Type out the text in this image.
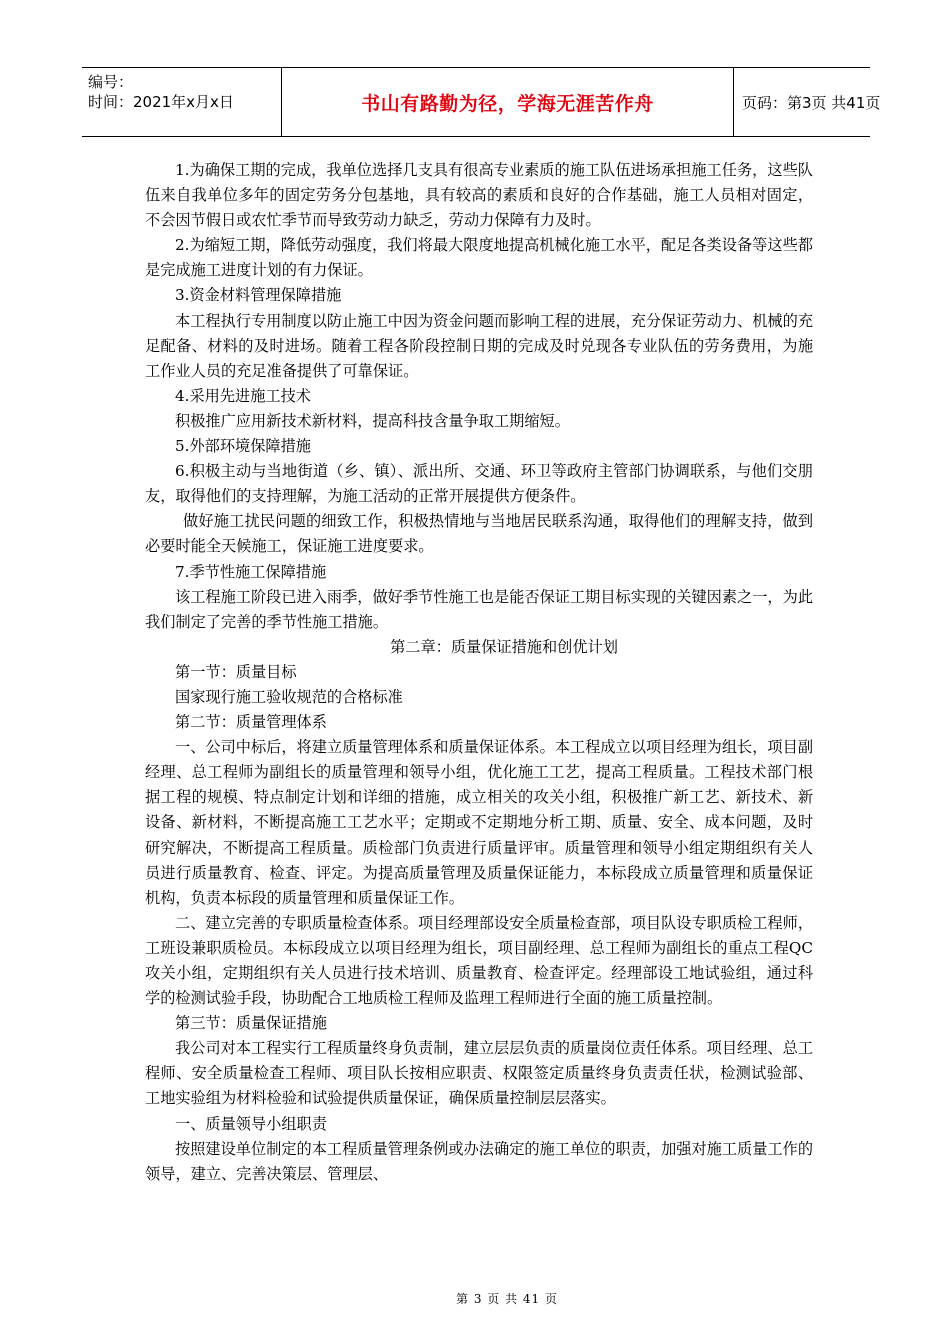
编号：
时间：2021年x月x日	书山有路勤为径，学海无涯苦作舟	页码：第3页 共41页

1.为确保工期的完成，我单位选择几支具有很高专业素质的施工队伍进场承担施工任务，这些队伍来自我单位多年的固定劳务分包基地，具有较高的素质和良好的合作基础，施工人员相对固定，不会因节假日或农忙季节而导致劳动力缺乏，劳动力保障有力及时。

2.为缩短工期，降低劳动强度，我们将最大限度地提高机械化施工水平，配足各类设备等这些都是完成施工进度计划的有力保证。

3.资金材料管理保障措施

本工程执行专用制度以防止施工中因为资金问题而影响工程的进展，充分保证劳动力、机械的充足配备、材料的及时进场。随着工程各阶段控制日期的完成及时兑现各专业队伍的劳务费用，为施工作业人员的充足准备提供了可靠保证。

4.采用先进施工技术

积极推广应用新技术新材料，提高科技含量争取工期缩短。

5.外部环境保障措施

6.积极主动与当地街道（乡、镇）、派出所、交通、环卫等政府主管部门协调联系，与他们交朋友，取得他们的支持理解，为施工活动的正常开展提供方便条件。

做好施工扰民问题的细致工作，积极热情地与当地居民联系沟通，取得他们的理解支持，做到必要时能全天候施工，保证施工进度要求。

7.季节性施工保障措施

该工程施工阶段已进入雨季，做好季节性施工也是能否保证工期目标实现的关键因素之一，为此我们制定了完善的季节性施工措施。

第二章：质量保证措施和创优计划

第一节：质量目标

国家现行施工验收规范的合格标准

第二节：质量管理体系

一、公司中标后，将建立质量管理体系和质量保证体系。本工程成立以项目经理为组长，项目副经理、总工程师为副组长的质量管理和领导小组，优化施工工艺，提高工程质量。工程技术部门根据工程的规模、特点制定计划和详细的措施，成立相关的攻关小组，积极推广新工艺、新技术、新设备、新材料，不断提高施工工艺水平；定期或不定期地分析工期、质量、安全、成本问题，及时研究解决，不断提高工程质量。质检部门负责进行质量评审。质量管理和领导小组定期组织有关人员进行质量教育、检查、评定。为提高质量管理及质量保证能力，本标段成立质量管理和质量保证机构，负责本标段的质量管理和质量保证工作。

二、建立完善的专职质量检查体系。项目经理部设安全质量检查部，项目队设专职质检工程师，工班设兼职质检员。本标段成立以项目经理为组长，项目副经理、总工程师为副组长的重点工程QC攻关小组，定期组织有关人员进行技术培训、质量教育、检查评定。经理部设工地试验组，通过科学的检测试验手段，协助配合工地质检工程师及监理工程师进行全面的施工质量控制。

第三节：质量保证措施

我公司对本工程实行工程质量终身负责制，建立层层负责的质量岗位责任体系。项目经理、总工程师、安全质量检查工程师、项目队长按相应职责、权限签定质量终身负责责任状，检测试验部、工地实验组为材料检验和试验提供质量保证，确保质量控制层层落实。

一、质量领导小组职责

按照建设单位制定的本工程质量管理条例或办法确定的施工单位的职责，加强对施工质量工作的领导，建立、完善决策层、管理层、

第 3 页 共 41 页
